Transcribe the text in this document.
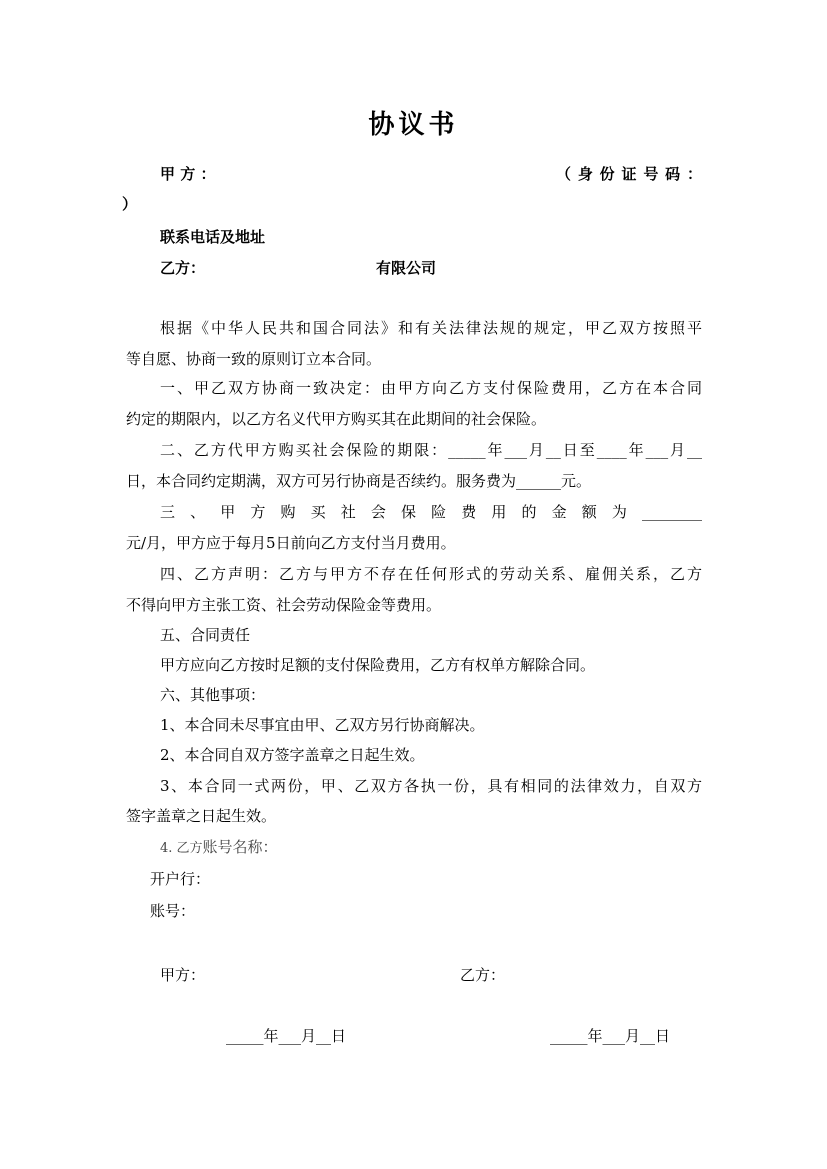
协议书
甲 方 ：	（ 身 份 证 号 码 ：
）
联系电话及地址
乙方：	有限公司
根据《中华人民共和国合同法》和有关法律法规的规定，甲乙双方按照平
等自愿、协商一致的原则订立本合同。
一、甲乙双方协商一致决定：由甲方向乙方支付保险费用，乙方在本合同
约定的期限内，以乙方名义代甲方购买其在此期间的社会保险。
二、乙方代甲方购买社会保险的期限：_____年___月__日至____年___月__
日，本合同约定期满，双方可另行协商是否续约。服务费为______元。
三 、 甲 方 购 买 社 会 保 险 费 用 的 金 额 为 ________
元/月，甲方应于每月5日前向乙方支付当月费用。
四、乙方声明：乙方与甲方不存在任何形式的劳动关系、雇佣关系，乙方
不得向甲方主张工资、社会劳动保险金等费用。
五、合同责任
甲方应向乙方按时足额的支付保险费用，乙方有权单方解除合同。
六、其他事项：
1、本合同未尽事宜由甲、乙双方另行协商解决。
2、本合同自双方签字盖章之日起生效。
3、本合同一式两份，甲、乙双方各执一份，具有相同的法律效力，自双方
签字盖章之日起生效。
4. 乙方账号名称：
开户行：
账号：
甲方：	乙方：
_____年___月__日	_____年___月__日
